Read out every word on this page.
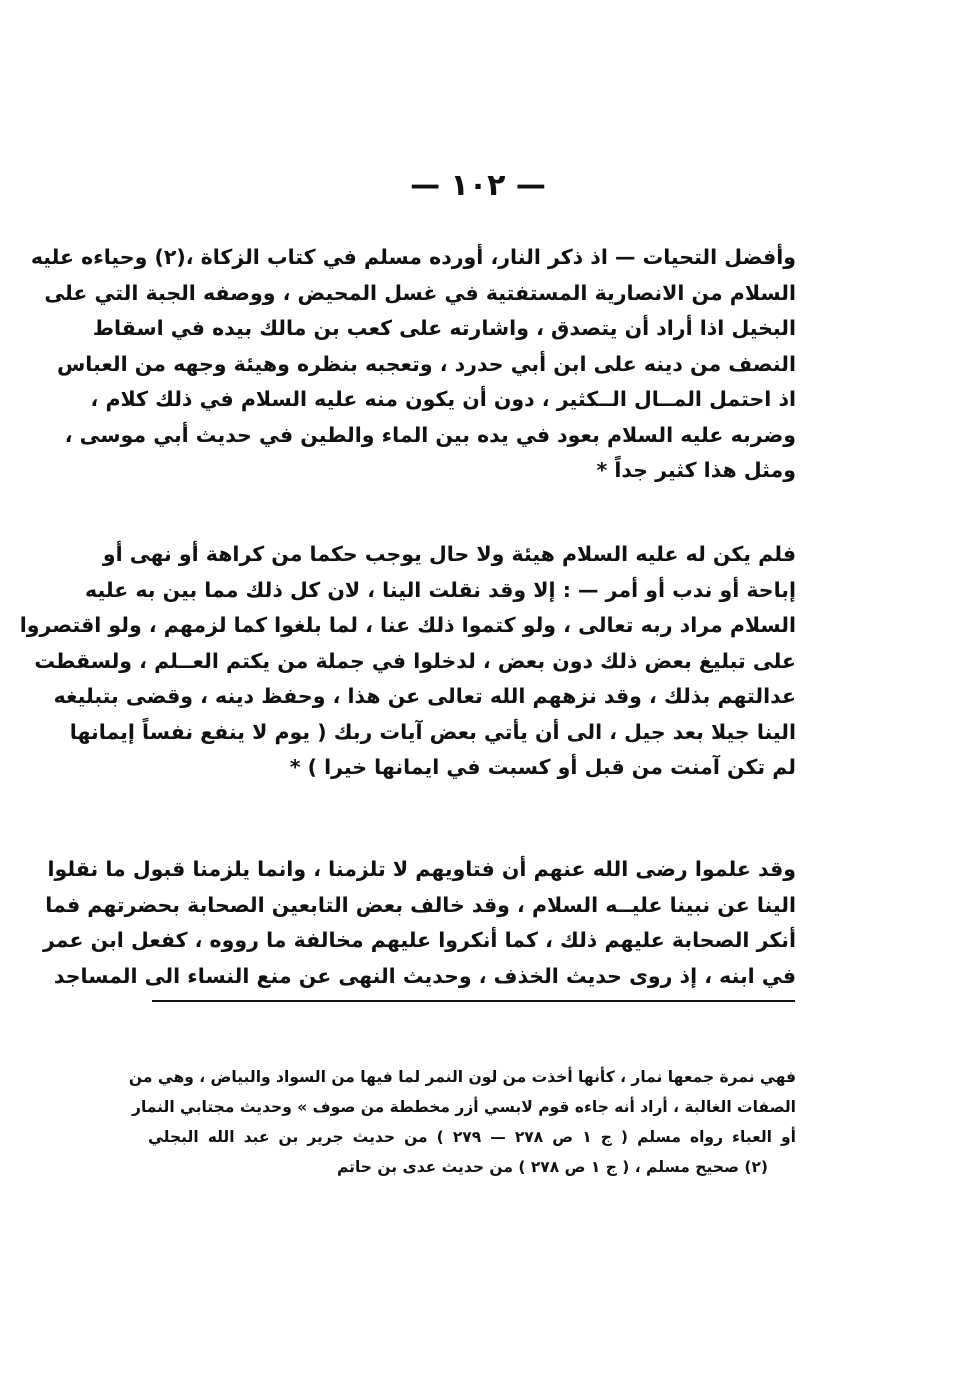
— ١٠٢ —
وأفضل التحيات — اذ ذكر النار، أورده مسلم في كتاب الزكاة ،(٢) وحياءه عليه
السلام من الانصارية المستفتية في غسل المحيض ، ووصفه الجبة التي على
البخيل اذا أراد أن يتصدق ، واشارته على كعب بن مالك بيده في اسقاط
النصف من دينه على ابن أبي حدرد ، وتعجبه بنظره وهيئة وجهه من العباس
اذ احتمل المــال الــكثير ، دون أن يكون منه عليه السلام في ذلك كلام ،
وضربه عليه السلام بعود في يده بين الماء والطين في حديث أبي موسى ،
ومثل هذا كثير جداً *
فلم يكن له عليه السلام هيئة ولا حال يوجب حكما من كراهة أو نهى أو
إباحة أو ندب أو أمر — : إلا وقد نقلت الينا ، لان كل ذلك مما بين به عليه
السلام مراد ربه تعالى ، ولو كتموا ذلك عنا ، لما بلغوا كما لزمهم ، ولو اقتصروا
على تبليغ بعض ذلك دون بعض ، لدخلوا في جملة من يكتم العــلم ، ولسقطت
عدالتهم بذلك ، وقد نزههم الله تعالى عن هذا ، وحفظ دينه ، وقضى بتبليغه
الينا جيلا بعد جيل ، الى أن يأتي بعض آيات ربك ( يوم لا ينفع نفساً إيمانها
لم تكن آمنت من قبل أو كسبت في ايمانها خيرا ) *
وقد علموا رضى الله عنهم أن فتاويهم لا تلزمنا ، وانما يلزمنا قبول ما نقلوا
الينا عن نبينا عليــه السلام ، وقد خالف بعض التابعين الصحابة بحضرتهم فما
أنكر الصحابة عليهم ذلك ، كما أنكروا عليهم مخالفة ما رووه ، كفعل ابن عمر
في ابنه ، إذ روى حديث الخذف ، وحديث النهى عن منع النساء الى المساجد
فهي نمرة جمعها نمار ، كأنها أخذت من لون النمر لما فيها من السواد والبياض ، وهي من
الصفات الغالبة ، أراد أنه جاءه قوم لابسي أزر مخططة من صوف » وحديث مجتابي النمار
أو العباء رواه مسلم ( ج ١ ص ٢٧٨ — ٢٧٩ ) من حديث جرير بن عبد الله البجلي
(٢) صحيح مسلم ، ( ج ١ ص ٢٧٨ ) من حديث عدى بن حاتم
